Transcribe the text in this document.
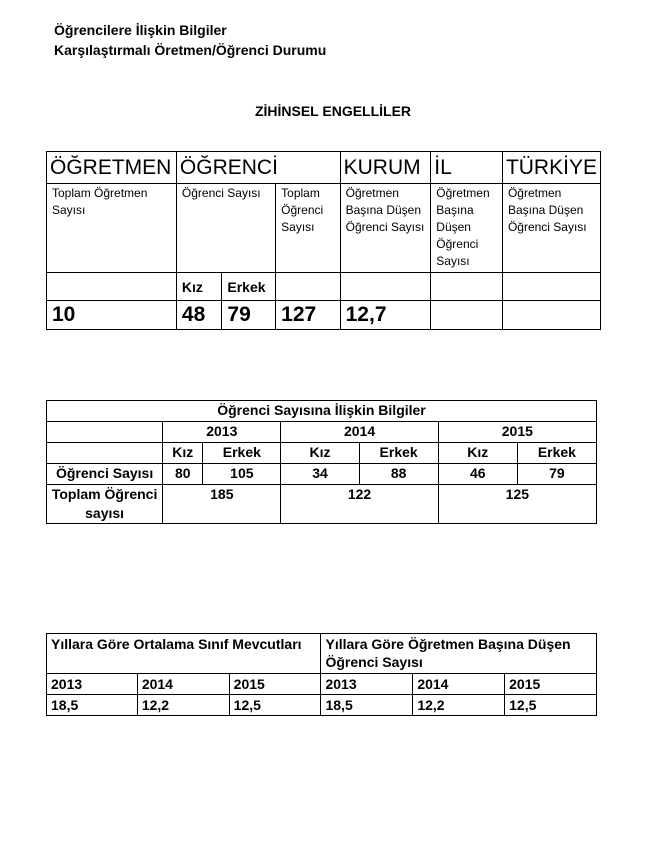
Öğrencilere İlişkin Bilgiler
Karşılaştırmalı Öretmen/Öğrenci Durumu
ZİHİNSEL ENGELLİLER
ÖĞRETMEN	ÖĞRENCİ			KURUM	İL	TÜRKİYE
Toplam Öğretmen Sayısı	Öğrenci Sayısı		Toplam Öğrenci Sayısı	Öğretmen Başına Düşen Öğrenci Sayısı	Öğretmen Başına Düşen Öğrenci Sayısı	Öğretmen Başına Düşen Öğrenci Sayısı
	Kız	Erkek				
10	48	79	127	12,7		
Öğrenci Sayısına İlişkin Bilgiler						
	2013		2014		2015	
	Kız	Erkek	Kız	Erkek	Kız	Erkek
Öğrenci Sayısı	80	105	34	88	46	79
Toplam Öğrenci sayısı	185		122		125	
Yıllara Göre Ortalama Sınıf Mevcutları			Yıllara Göre Öğretmen Başına Düşen Öğrenci Sayısı		
2013	2014	2015	2013	2014	2015
18,5	12,2	12,5	18,5	12,2	12,5
